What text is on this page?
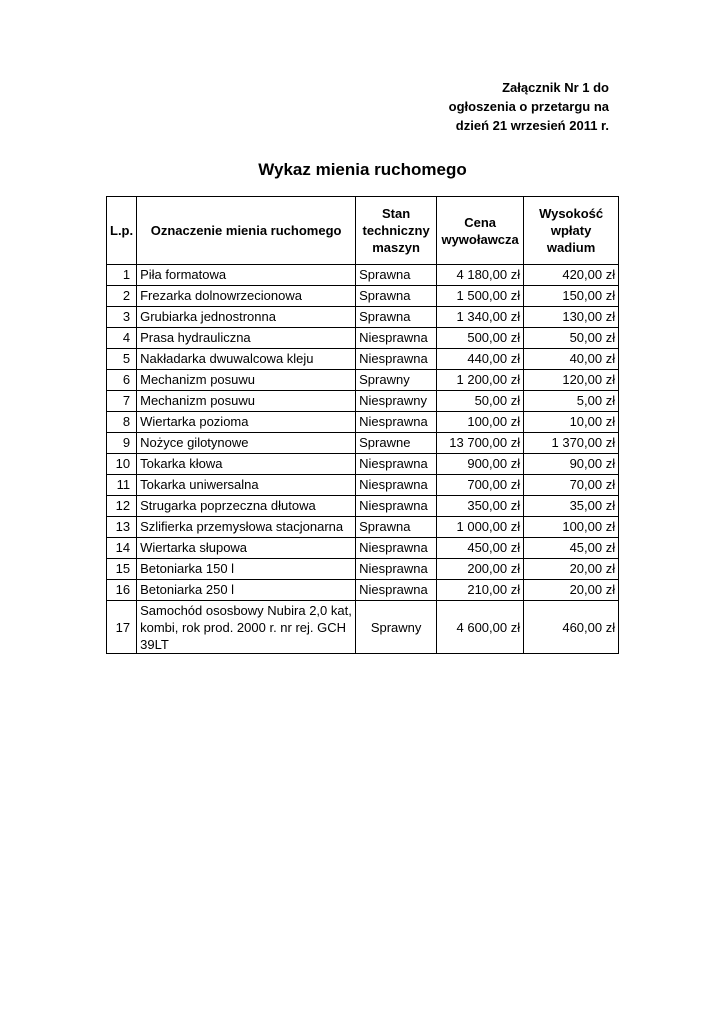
Załącznik Nr 1 do
ogłoszenia o przetargu na
dzień 21 wrzesień 2011 r.
Wykaz mienia ruchomego
L.p.	Oznaczenie mienia ruchomego	Stan techniczny maszyn	Cena wywoławcza	Wysokość wpłaty wadium
1	Piła formatowa	Sprawna	4 180,00 zł	420,00 zł
2	Frezarka dolnowrzecionowa	Sprawna	1 500,00 zł	150,00 zł
3	Grubiarka jednostronna	Sprawna	1 340,00 zł	130,00 zł
4	Prasa hydrauliczna	Niesprawna	500,00 zł	50,00 zł
5	Nakładarka dwuwalcowa kleju	Niesprawna	440,00 zł	40,00 zł
6	Mechanizm posuwu	Sprawny	1 200,00 zł	120,00 zł
7	Mechanizm posuwu	Niesprawny	50,00 zł	5,00 zł
8	Wiertarka pozioma	Niesprawna	100,00 zł	10,00 zł
9	Nożyce gilotynowe	Sprawne	13 700,00 zł	1 370,00 zł
10	Tokarka kłowa	Niesprawna	900,00 zł	90,00 zł
11	Tokarka uniwersalna	Niesprawna	700,00 zł	70,00 zł
12	Strugarka poprzeczna dłutowa	Niesprawna	350,00 zł	35,00 zł
13	Szlifierka przemysłowa stacjonarna	Sprawna	1 000,00 zł	100,00 zł
14	Wiertarka słupowa	Niesprawna	450,00 zł	45,00 zł
15	Betoniarka 150 l	Niesprawna	200,00 zł	20,00 zł
16	Betoniarka 250 l	Niesprawna	210,00 zł	20,00 zł
17	Samochód ososbowy Nubira 2,0 kat, kombi, rok prod. 2000 r. nr rej. GCH 39LT	Sprawny	4 600,00 zł	460,00 zł
